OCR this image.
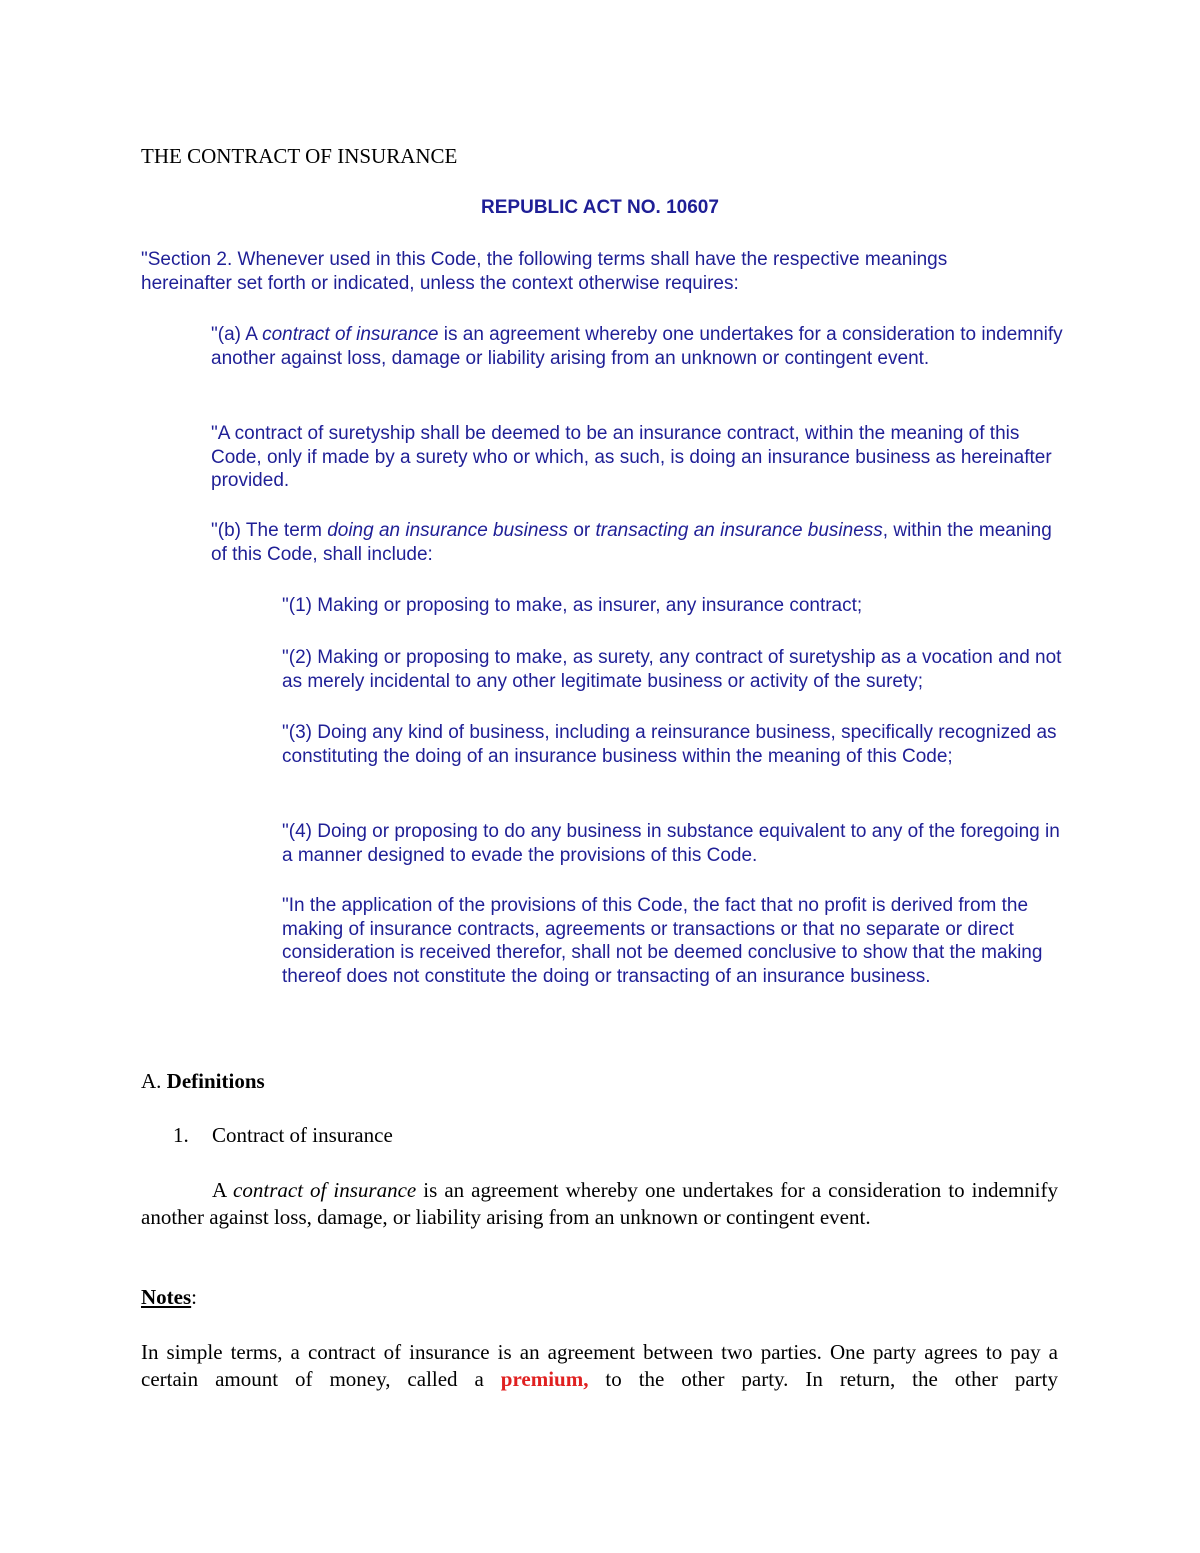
THE CONTRACT OF INSURANCE

REPUBLIC ACT NO. 10607

"Section 2. Whenever used in this Code, the following terms shall have the respective meanings hereinafter set forth or indicated, unless the context otherwise requires:

"(a) A contract of insurance is an agreement whereby one undertakes for a consideration to indemnify another against loss, damage or liability arising from an unknown or contingent event.

"A contract of suretyship shall be deemed to be an insurance contract, within the meaning of this Code, only if made by a surety who or which, as such, is doing an insurance business as hereinafter provided.

"(b) The term doing an insurance business or transacting an insurance business, within the meaning of this Code, shall include:

"(1) Making or proposing to make, as insurer, any insurance contract;

"(2) Making or proposing to make, as surety, any contract of suretyship as a vocation and not as merely incidental to any other legitimate business or activity of the surety;

"(3) Doing any kind of business, including a reinsurance business, specifically recognized as constituting the doing of an insurance business within the meaning of this Code;

"(4) Doing or proposing to do any business in substance equivalent to any of the foregoing in a manner designed to evade the provisions of this Code.

"In the application of the provisions of this Code, the fact that no profit is derived from the making of insurance contracts, agreements or transactions or that no separate or direct consideration is received therefor, shall not be deemed conclusive to show that the making thereof does not constitute the doing or transacting of an insurance business.

A. Definitions

1. Contract of insurance

A contract of insurance is an agreement whereby one undertakes for a consideration to indemnify another against loss, damage, or liability arising from an unknown or contingent event.

Notes:

In simple terms, a contract of insurance is an agreement between two parties. One party agrees to pay a certain amount of money, called a premium, to the other party. In return, the other party
